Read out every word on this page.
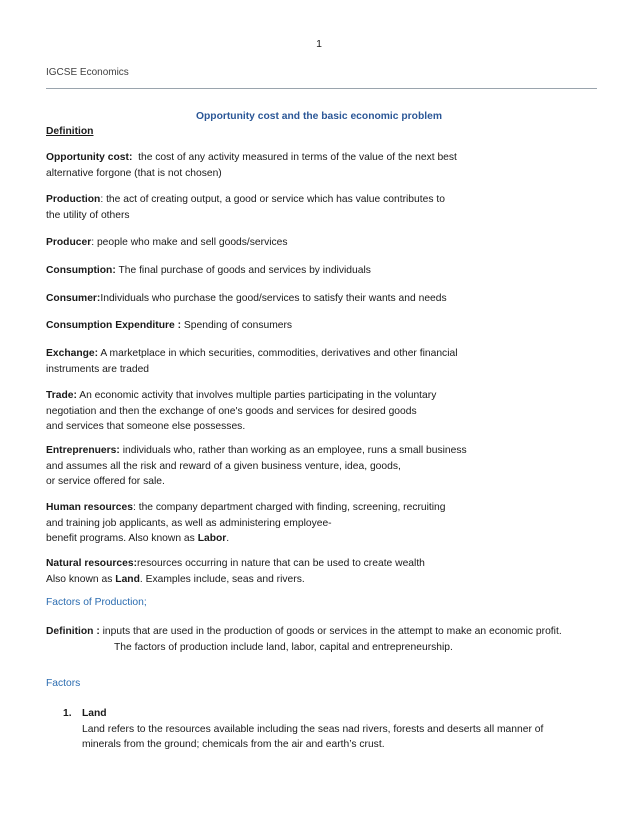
1
IGCSE Economics
Opportunity cost and the basic economic problem
Definition
Opportunity cost: the cost of any activity measured in terms of the value of the next best
alternative forgone (that is not chosen)
Production: the act of creating output, a good or service which has value contributes to
the utility of others
Producer: people who make and sell goods/services
Consumption: The final purchase of goods and services by individuals
Consumer:Individuals who purchase the good/services to satisfy their wants and needs
Consumption Expenditure : Spending of consumers
Exchange: A marketplace in which securities, commodities, derivatives and other financial
instruments are traded
Trade: An economic activity that involves multiple parties participating in the voluntary
negotiation and then the exchange of one's goods and services for desired goods
and services that someone else possesses.
Entreprenuers: individuals who, rather than working as an employee, runs a small business
and assumes all the risk and reward of a given business venture, idea, goods,
or service offered for sale.
Human resources: the company department charged with finding, screening, recruiting
and training job applicants, as well as administering employee-
benefit programs. Also known as Labor.
Natural resources:resources occurring in nature that can be used to create wealth
Also known as Land. Examples include, seas and rivers.
Factors of Production;
Definition : inputs that are used in the production of goods or services in the attempt to make an economic profit.
The factors of production include land, labor, capital and entrepreneurship.
Factors
1. Land
Land refers to the resources available including the seas nad rivers, forests and deserts all manner of
minerals from the ground; chemicals from the air and earth’s crust.
